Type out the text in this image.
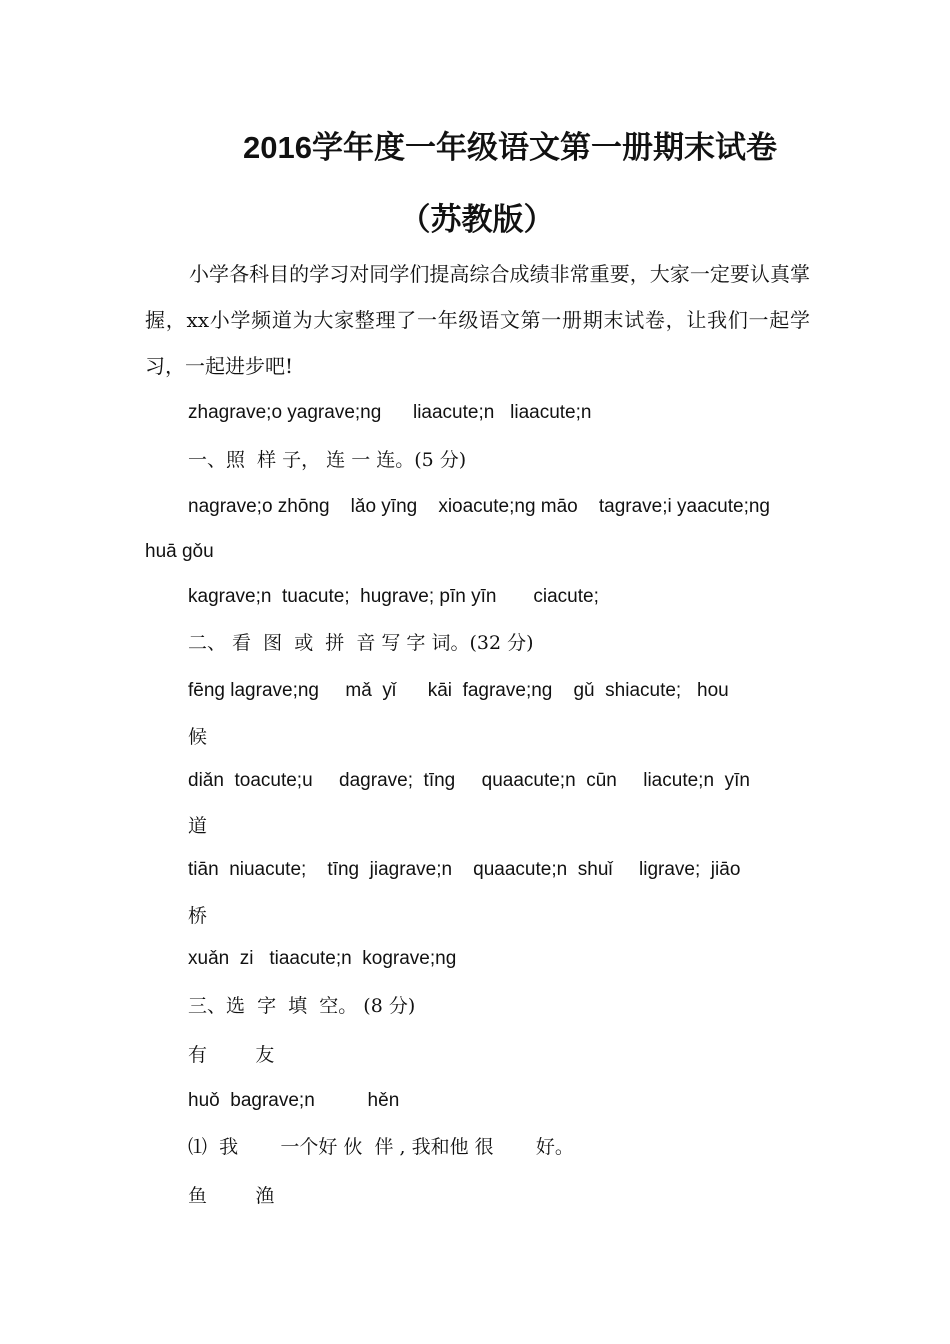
2016学年度一年级语文第一册期末试卷
（苏教版）
小学各科目的学习对同学们提高综合成绩非常重要，大家一定要认真掌握，xx小学频道为大家整理了一年级语文第一册期末试卷，让我们一起学习，一起进步吧!
zhagrave;o yagrave;ng      liaacute;n   liaacute;n
一、照  样 子， 连 一 连。(5 分)
nagrave;o zhōng    lǎo yīng    xioacute;ng māo    tagrave;i yaacute;ng
huā gǒu
kagrave;n  tuacute;  hugrave; pīn yīn       ciacute;
二、 看  图  或  拼  音 写 字 词。(32 分)
fēng lagrave;ng     mǎ  yǐ      kāi  fagrave;ng    gǔ  shiacute;   hou
候
diǎn  toacute;u     dagrave;  tīng     quaacute;n  cūn     liacute;n  yīn
道
tiān  niuacute;    tīng  jiagrave;n    quaacute;n  shuǐ     ligrave;  jiāo
桥
xuǎn  zi   tiaacute;n  kograve;ng
三、选  字  填  空。 (8 分)
有        友
huǒ  bagrave;n          hěn
⑴  我       一个好 伙  伴 , 我和他 很       好。
鱼        渔
